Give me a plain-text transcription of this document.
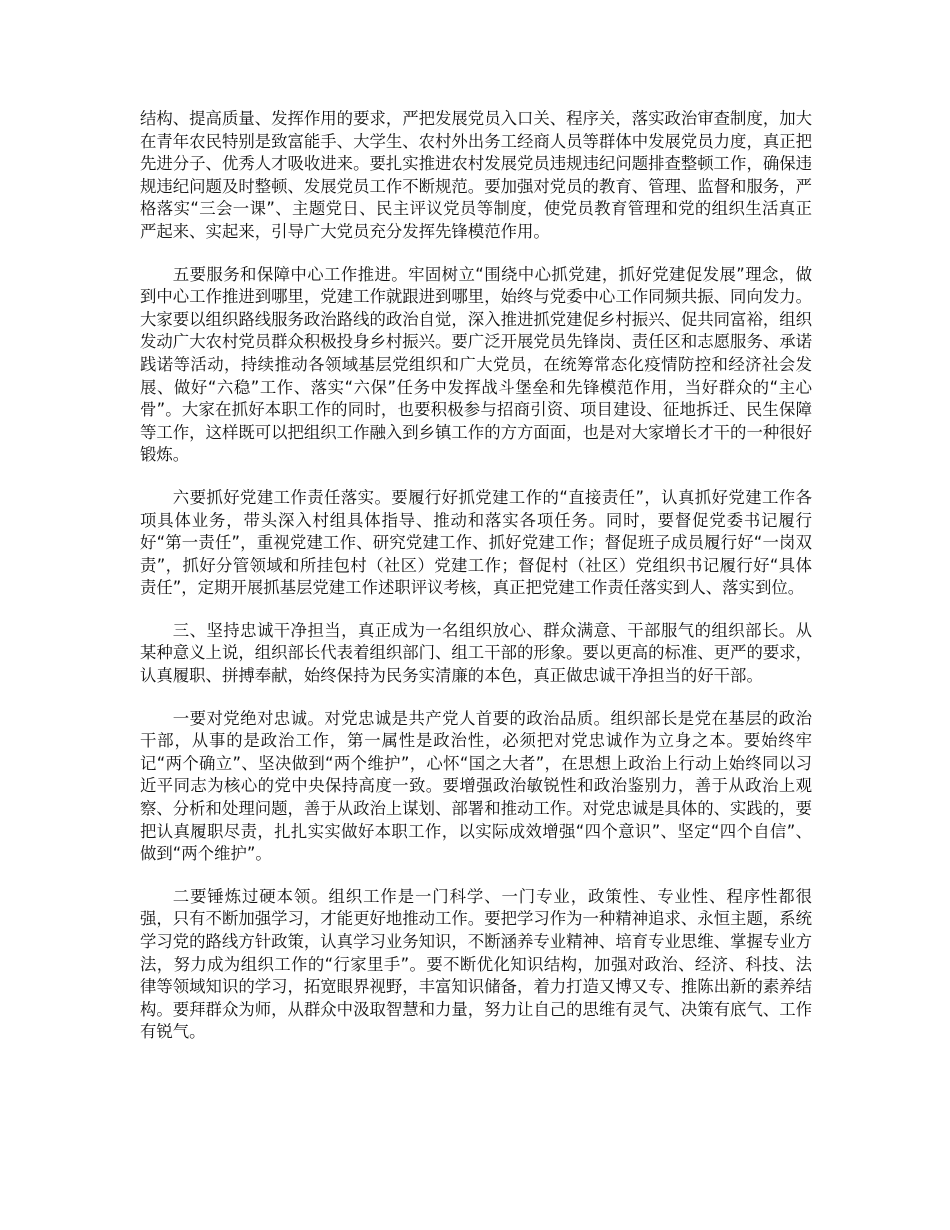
结构、提高质量、发挥作用的要求，严把发展党员入口关、程序关，落实政治审查制度，加大在青年农民特别是致富能手、大学生、农村外出务工经商人员等群体中发展党员力度，真正把先进分子、优秀人才吸收进来。要扎实推进农村发展党员违规违纪问题排查整顿工作，确保违规违纪问题及时整顿、发展党员工作不断规范。要加强对党员的教育、管理、监督和服务，严格落实“三会一课”、主题党日、民主评议党员等制度，使党员教育管理和党的组织生活真正严起来、实起来，引导广大党员充分发挥先锋模范作用。

五要服务和保障中心工作推进。牢固树立“围绕中心抓党建，抓好党建促发展”理念，做到中心工作推进到哪里，党建工作就跟进到哪里，始终与党委中心工作同频共振、同向发力。大家要以组织路线服务政治路线的政治自觉，深入推进抓党建促乡村振兴、促共同富裕，组织发动广大农村党员群众积极投身乡村振兴。要广泛开展党员先锋岗、责任区和志愿服务、承诺践诺等活动，持续推动各领域基层党组织和广大党员，在统筹常态化疫情防控和经济社会发展、做好“六稳”工作、落实“六保”任务中发挥战斗堡垒和先锋模范作用，当好群众的“主心骨”。大家在抓好本职工作的同时，也要积极参与招商引资、项目建设、征地拆迁、民生保障等工作，这样既可以把组织工作融入到乡镇工作的方方面面，也是对大家增长才干的一种很好锻炼。

六要抓好党建工作责任落实。要履行好抓党建工作的“直接责任”，认真抓好党建工作各项具体业务，带头深入村组具体指导、推动和落实各项任务。同时，要督促党委书记履行好“第一责任”，重视党建工作、研究党建工作、抓好党建工作；督促班子成员履行好“一岗双责”，抓好分管领域和所挂包村（社区）党建工作；督促村（社区）党组织书记履行好“具体责任”，定期开展抓基层党建工作述职评议考核，真正把党建工作责任落实到人、落实到位。

三、坚持忠诚干净担当，真正成为一名组织放心、群众满意、干部服气的组织部长。从某种意义上说，组织部长代表着组织部门、组工干部的形象。要以更高的标准、更严的要求，认真履职、拼搏奉献，始终保持为民务实清廉的本色，真正做忠诚干净担当的好干部。

一要对党绝对忠诚。对党忠诚是共产党人首要的政治品质。组织部长是党在基层的政治干部，从事的是政治工作，第一属性是政治性，必须把对党忠诚作为立身之本。要始终牢记“两个确立”、坚决做到“两个维护”，心怀“国之大者”，在思想上政治上行动上始终同以习近平同志为核心的党中央保持高度一致。要增强政治敏锐性和政治鉴别力，善于从政治上观察、分析和处理问题，善于从政治上谋划、部署和推动工作。对党忠诚是具体的、实践的，要把认真履职尽责，扎扎实实做好本职工作，以实际成效增强“四个意识”、坚定“四个自信”、做到“两个维护”。

二要锤炼过硬本领。组织工作是一门科学、一门专业，政策性、专业性、程序性都很强，只有不断加强学习，才能更好地推动工作。要把学习作为一种精神追求、永恒主题，系统学习党的路线方针政策，认真学习业务知识，不断涵养专业精神、培育专业思维、掌握专业方法，努力成为组织工作的“行家里手”。要不断优化知识结构，加强对政治、经济、科技、法律等领域知识的学习，拓宽眼界视野，丰富知识储备，着力打造又博又专、推陈出新的素养结构。要拜群众为师，从群众中汲取智慧和力量，努力让自己的思维有灵气、决策有底气、工作有锐气。
